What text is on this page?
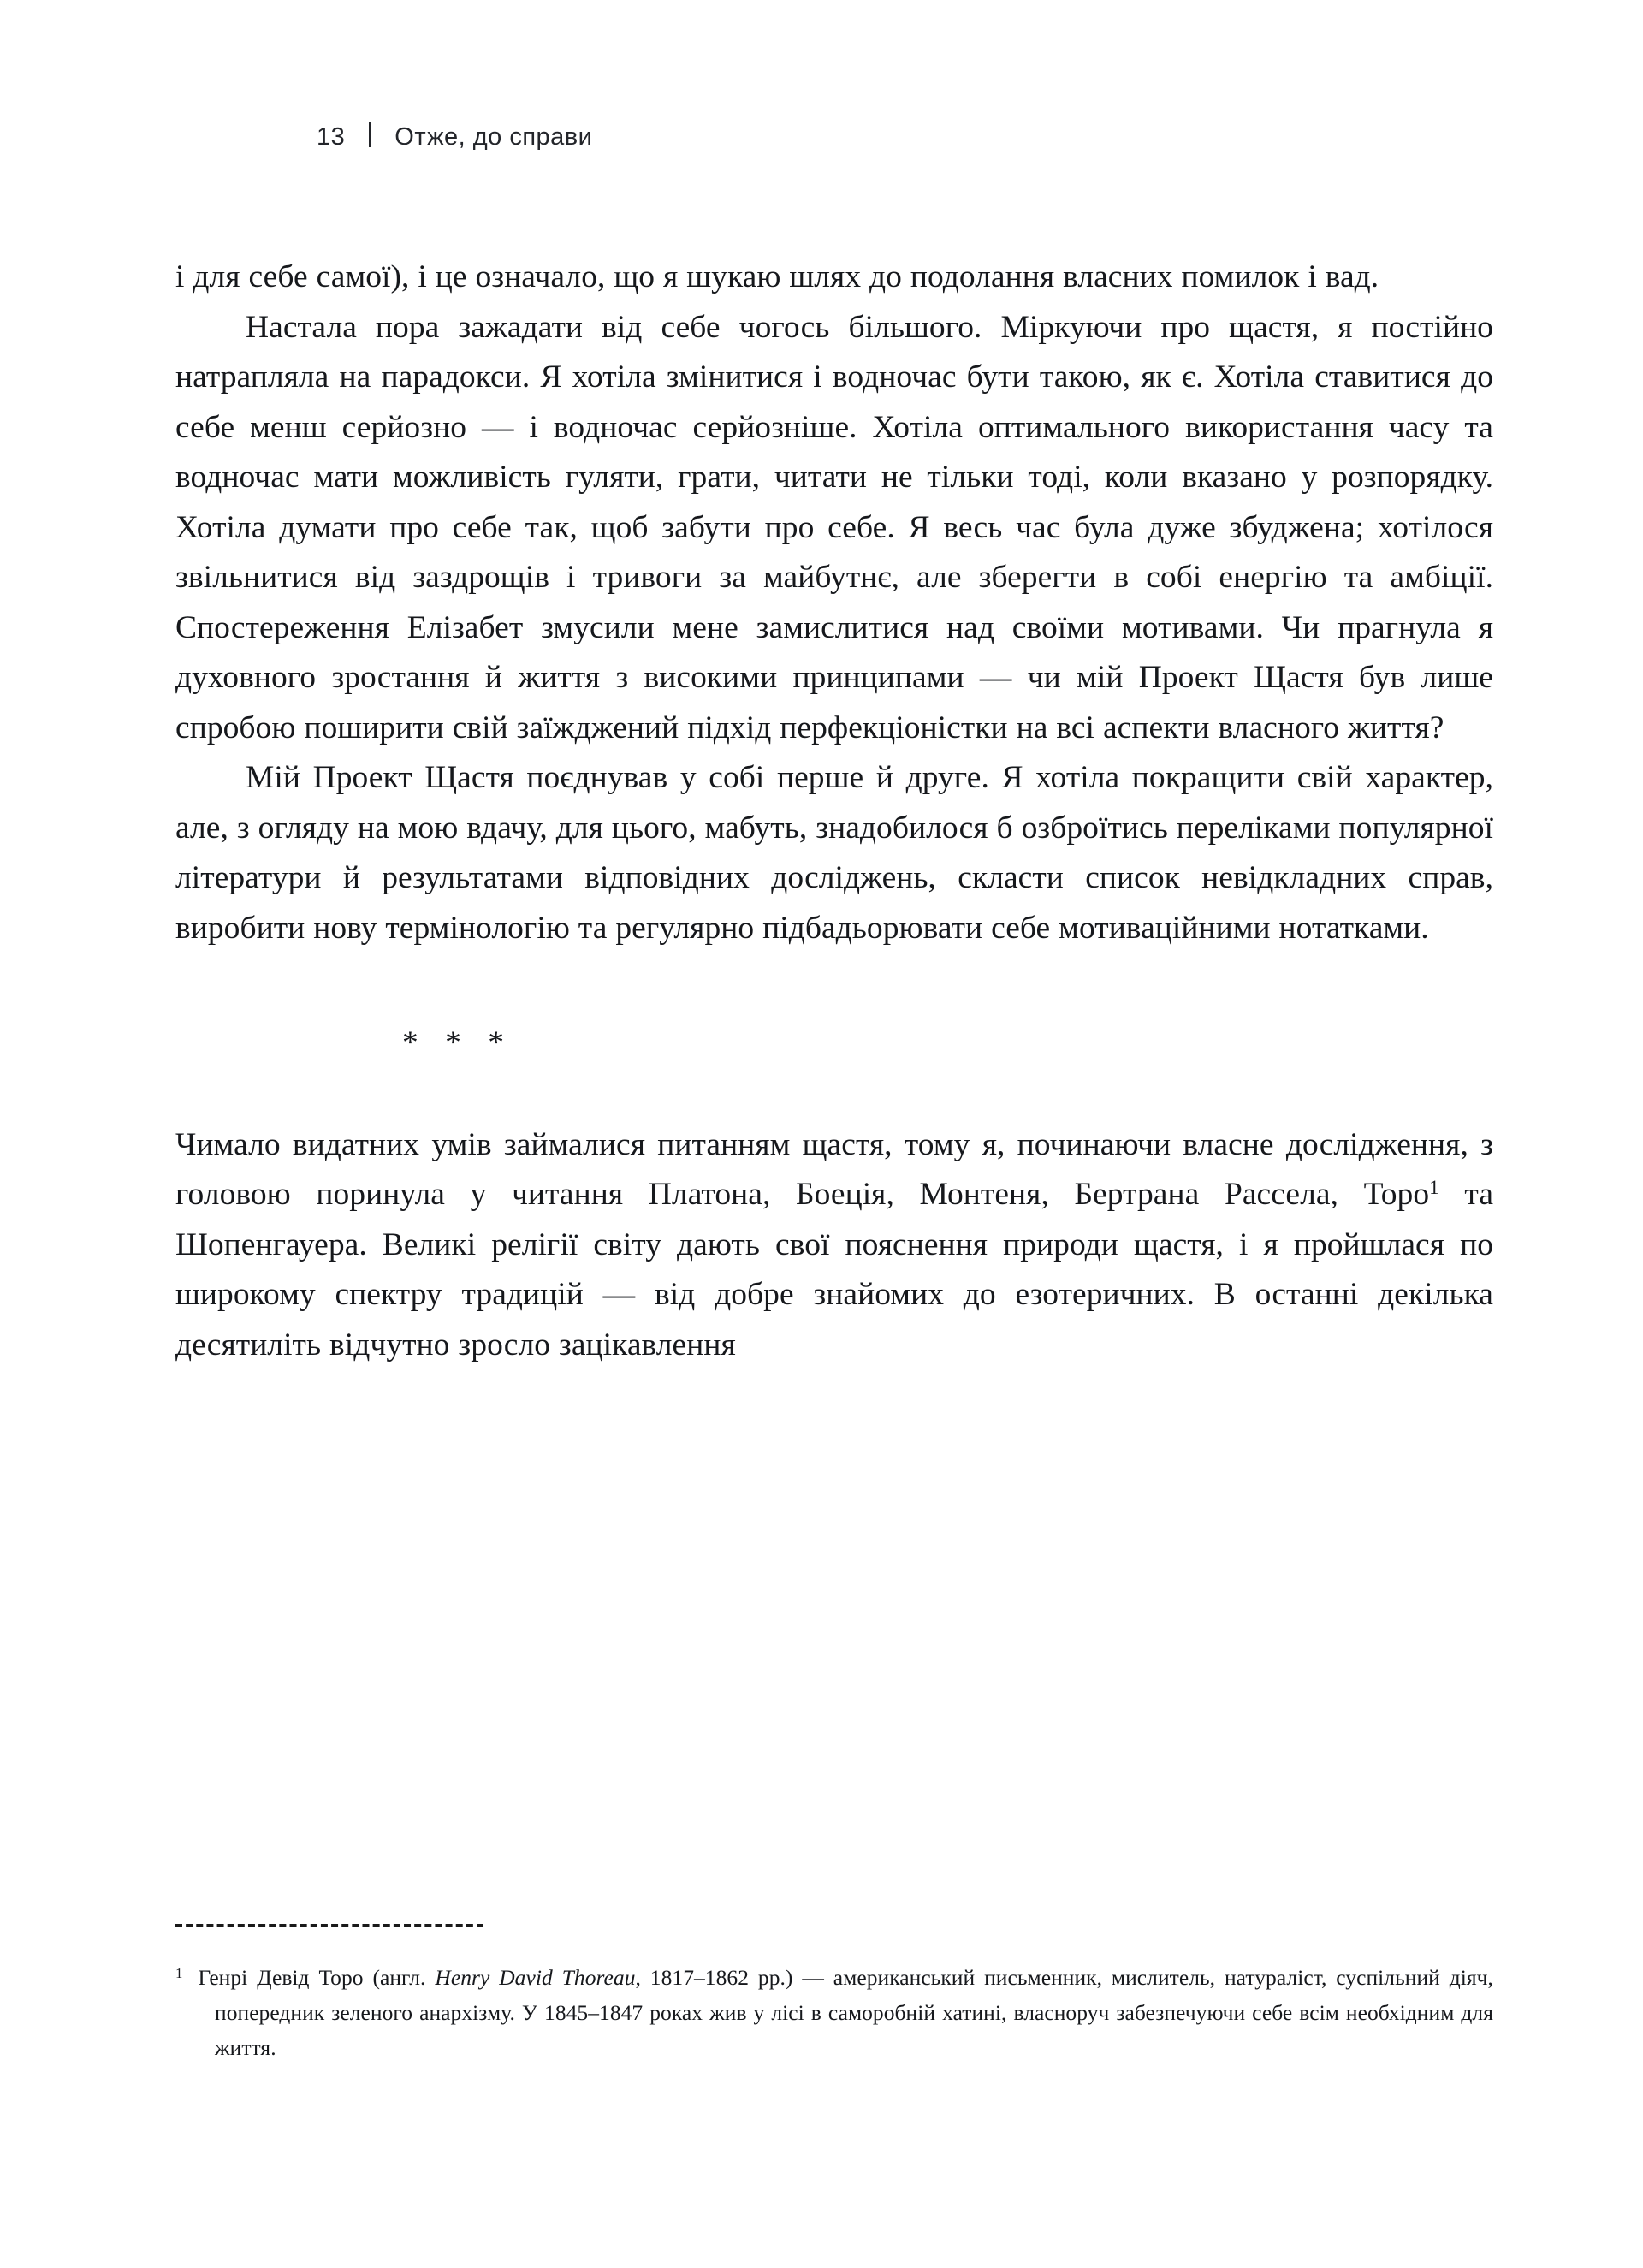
13 Отже, до справи

і для себе самої), і це означало, що я шукаю шлях до подолання власних помилок і вад.

Настала пора зажадати від себе чогось більшого. Міркуючи про щастя, я постійно натрапляла на парадокси. Я хотіла змінитися і водночас бути такою, як є. Хотіла ставитися до себе менш серйозно — і водночас серйозніше. Хотіла оптимального використання часу та водночас мати можливість гуляти, грати, читати не тільки тоді, коли вказано у розпорядку. Хотіла думати про себе так, щоб забути про себе. Я весь час була дуже збуджена; хотілося звільнитися від заздрощів і тривоги за майбутнє, але зберегти в собі енергію та амбіції. Спостереження Елізабет змусили мене замислитися над своїми мотивами. Чи прагнула я духовного зростання й життя з високими принципами — чи мій Проект Щастя був лише спробою поширити свій заїжджений підхід перфекціоністки на всі аспекти власного життя?

Мій Проект Щастя поєднував у собі перше й друге. Я хотіла покращити свій характер, але, з огляду на мою вдачу, для цього, мабуть, знадобилося б озброїтись переліками популярної літератури й результатами відповідних досліджень, скласти список невідкладних справ, виробити нову термінологію та регулярно підбадьорювати себе мотиваційними нотатками.

* * *

Чимало видатних умів займалися питанням щастя, тому я, починаючи власне дослідження, з головою поринула у читання Платона, Боеція, Монтеня, Бертрана Рассела, Торо$^1$ та Шопенгауера. Великі релігії світу дають свої пояснення природи щастя, і я пройшлася по широкому спектру традицій — від добре знайомих до езотеричних. В останні декілька десятиліть відчутно зросло зацікавлення

$^1$ Генрі Девід Торо (англ. Henry David Thoreau, 1817–1862 рр.) — американський письменник, мислитель, натураліст, суспільний діяч, попередник зеленого анархізму. У 1845–1847 роках жив у лісі в саморобній хатині, власноруч забезпечуючи себе всім необхідним для життя.
